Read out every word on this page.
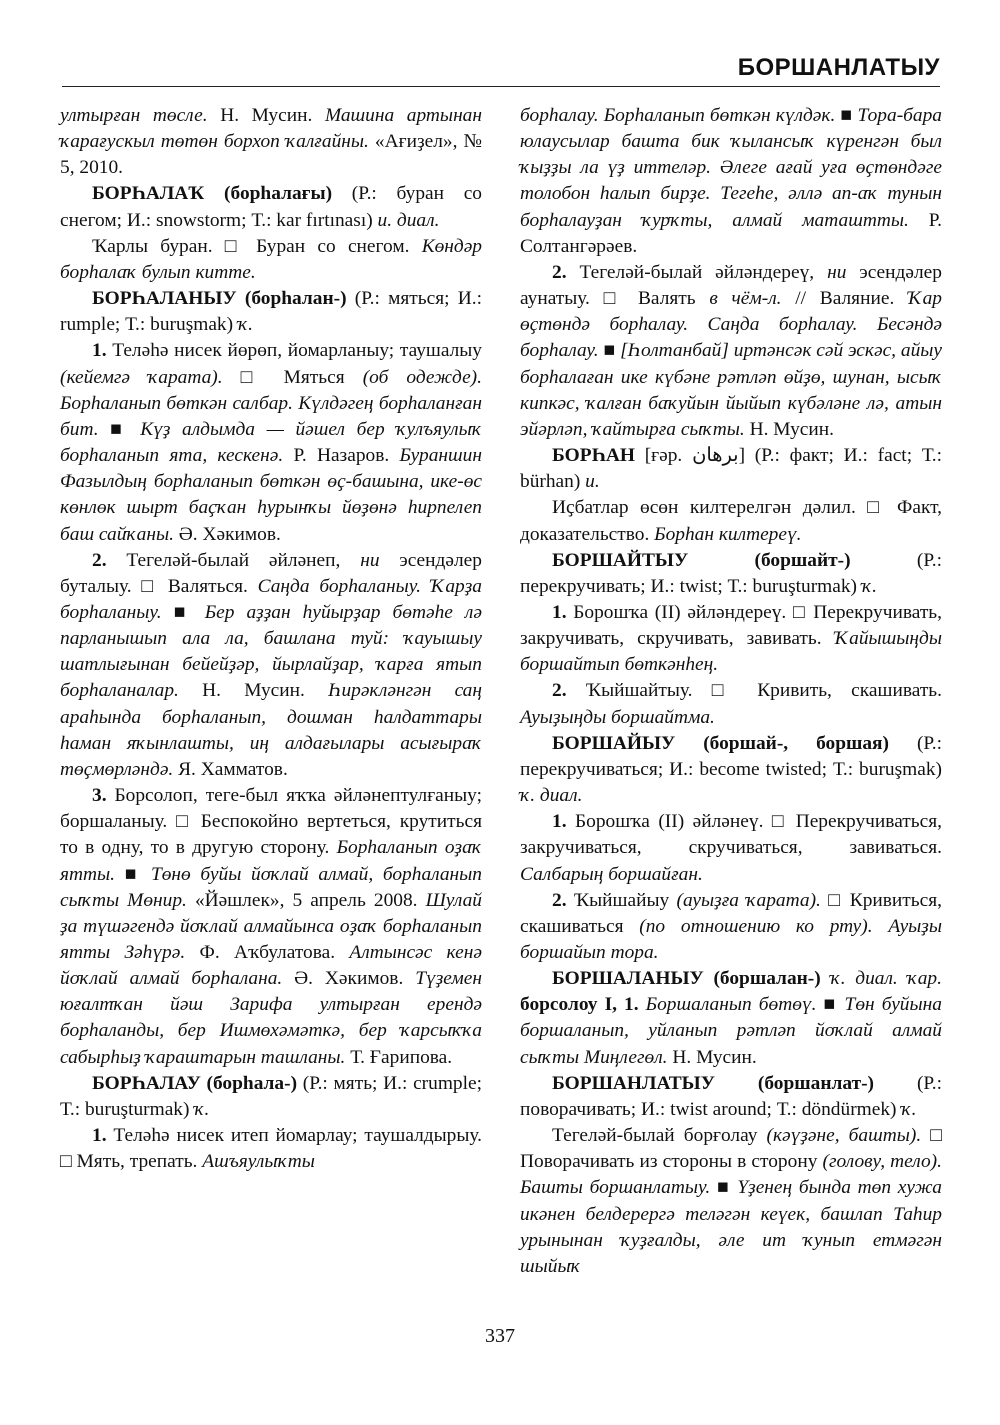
БОРШАНЛАТЫУ

ултырған төсле. Н. Мусин. Машина артынан ҡарағускыл төтөн борхоп ҡалғайны. «Ағиҙел», № 5, 2010.

БОРҺАЛАҠ (борһалағы) (Р.: буран со снегом; И.: snowstorm; Т.: kar fırtınası) и. диал.

Ҡарлы буран. □ Буран со снегом. Көндәр борһалаҡ булып китте.

БОРҺАЛАНЫУ (борһалан-) (Р.: мяться; И.: rumple; Т.: buruşmak) ҡ.

1. Теләһә нисек йөрөп, йомарланыу; таушалыу (кейемгә ҡарата). □ Мяться (об одежде). Борһаланып бөткән салбар. Күлдәгең борһаланған бит. ■ Күҙ алдымда — йәшел бер ҡулъяулыҡ борһаланып ята, кескенә. Р. Назаров. Бураншин Фазылдың борһаланып бөткән өҫ-башына, ике-өс көнлөк шырт баҫҡан һурынҡы йөҙөнә һирпелеп баш сайҡаны. Ә. Хәкимов.

2. Тегеләй-былай әйләнеп, ни эсендәлер буталыу. □ Валяться. Саңда борһаланыу. Ҡарҙа борһаланыу. ■ Бер аҙҙан һуйырҙар бөтәһе лә парланышып ала ла, башлана туй: ҡауышыу шатлығынан бейейҙәр, йырлайҙар, ҡарға ятып борһаланалар. Н. Мусин. Һирәкләнгән саң араһында борһаланып, дошман һалдаттары һаман яҡынлашты, иң алдағылары асығыраҡ төҫмөрләндә. Я. Хамматов.

3. Борсолоп, теге-был яҡҡа әйләнептулғаныу; боршаланыу. □ Беспокойно вертеться, крутиться то в одну, то в другую сторону. Борһаланып оҙаҡ ятты. ■ Төнө буйы йоҡлай алмай, борһаланып сыҡты Мөнир. «Йәшлек», 5 апрель 2008. Шулай ҙа түшәгендә йоҡлай алмайынса оҙаҡ борһаланып ятты Зәһүрә. Ф. Аҡбулатова. Алтынсәс кенә йоҡлай алмай борһалана. Ә. Хәкимов. Түҙемен юғалтҡан йәш Зарифа ултырған ерендә борһаланды, бер Ишмөхәмәткә, бер ҡарсыҡҡа сабырһыҙ ҡараштарын ташланы. Т. Ғарипова.

БОРҺАЛАУ (борһала-) (Р.: мять; И.: crumple; Т.: buruşturmak) ҡ.

1. Теләһә нисек итеп йомарлау; таушалдырыу. □ Мять, трепать. Ашъяулыҡты

борһалау. Борһаланып бөткән күлдәк. ■ Тора-бара юлаусылар башта бик ҡылансыҡ күренгән был ҡыҙҙы ла үҙ иттеләр. Әлеге ағай уға өҫтөндәге толобон һалып бирҙе. Тегеһе, әллә ап-аҡ тунын борһалауҙан ҡурҡты, алмай маташтты. Р. Солтангәрәев.

2. Тегеләй-былай әйләндереү, ни эсендәлер аунатыу. □ Валять в чём-л. // Валяние. Ҡар өҫтөндә борһалау. Саңда борһалау. Бесәндә борһалау. ■ [Һолтанбай] иртәнсәк сәй эскәс, айыу борһалаған ике күбәне рәтләп өйҙө, шунан, ысыҡ кипкәс, ҡалған баҡуйын йыйып күбәләне лә, атын эйәрләп, ҡайтырға сыҡты. Н. Мусин.

БОРҺАН [ғәр. برهان] (Р.: факт; И.: fact; Т.: bürhan) и.

Иҫбатлар өсөн килтерелгән дәлил. □ Факт, доказательство. Борһан килтереү.

БОРШАЙТЫУ (боршайт-) (Р.: перекручивать; И.: twist; Т.: buruşturmak) ҡ.

1. Борошҡа (II) әйләндереү. □ Перекручивать, закручивать, скручивать, завивать. Ҡайышыңды боршайтып бөткәнһең.

2. Ҡыйшайтыу. □ Кривить, скашивать. Ауыҙыңды боршайтма.

БОРШАЙЫУ (боршай-, боршая) (Р.: перекручиваться; И.: become twisted; Т.: buruşmak) ҡ. диал.

1. Борошҡа (II) әйләнеү. □ Перекручиваться, закручиваться, скручиваться, завиваться. Салбарың боршайған.

2. Ҡыйшайыу (ауыҙға ҡарата). □ Кривиться, скашиваться (по отношению ко рту). Ауыҙы боршайып тора.

БОРШАЛАНЫУ (боршалан-) ҡ. диал. ҡар. борсолоу I, 1. Боршаланып бөтөү. ■ Төн буйына боршаланып, уйланып рәтләп йоҡлай алмай сыҡты Миңлегөл. Н. Мусин.

БОРШАНЛАТЫУ (боршанлат-) (Р.: поворачивать; И.: twist around; Т.: döndürmek) ҡ.

Тегеләй-былай борғолау (кәүҙәне, башты). □ Поворачивать из стороны в сторону (голову, тело). Башты боршанлатыу. ■ Үҙенең бында төп хужа икәнен белдерергә теләгән кеүек, башлап Таһир урынынан ҡуҙғалды, әле ит ҡунып етмәгән шыйыҡ

337
